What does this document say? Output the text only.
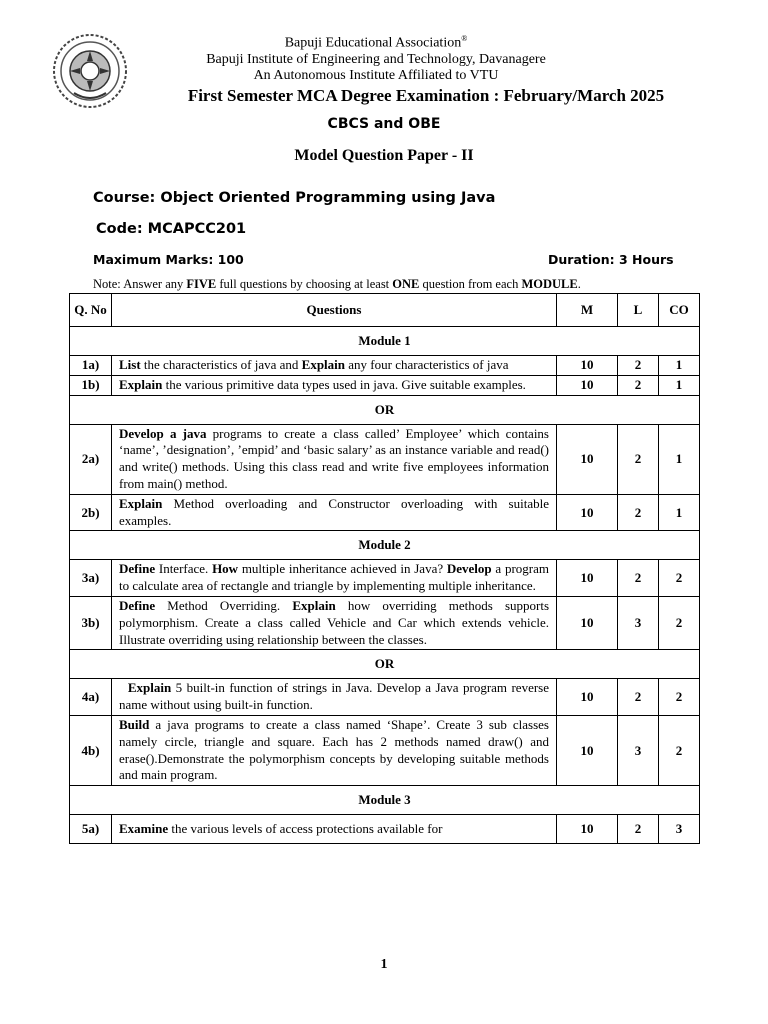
Bapuji Educational Association®
Bapuji Institute of Engineering and Technology, Davanagere
An Autonomous Institute Affiliated to VTU
First Semester MCA Degree Examination : February/March 2025
CBCS and OBE
Model Question Paper - II
Course: Object Oriented Programming using Java
Code: MCAPCC201
Maximum Marks: 100	Duration: 3 Hours
Note: Answer any FIVE full questions by choosing at least ONE question from each MODULE.
Q. No	Questions	M	L	CO
Module 1				
1a)	List the characteristics of java and Explain any four characteristics of java	10	2	1
1b)	Explain the various primitive data types used in java. Give suitable examples.	10	2	1
OR				
2a)	Develop a java programs to create a class called’ Employee’ which contains ‘name’, ’designation’, ’empid’ and ‘basic salary’ as an instance variable and read() and write() methods. Using this class read and write five employees information from main() method.	10	2	1
2b)	Explain Method overloading and Constructor overloading with suitable examples.	10	2	1
Module 2				
3a)	Define Interface. How multiple inheritance achieved in Java? Develop a program to calculate area of rectangle and triangle by implementing multiple inheritance.	10	2	2
3b)	Define Method Overriding. Explain how overriding methods supports polymorphism. Create a class called Vehicle and Car which extends vehicle. Illustrate overriding using relationship between the classes.	10	3	2
OR				
4a)	Explain 5 built-in function of strings in Java. Develop a Java program reverse name without using built-in function.	10	2	2
4b)	Build a java programs to create a class named ‘Shape’. Create 3 sub classes namely circle, triangle and square. Each has 2 methods named draw() and erase().Demonstrate the polymorphism concepts by developing suitable methods and main program.	10	3	2
Module 3				
5a)	Examine the various levels of access protections available for	10	2	3
1
